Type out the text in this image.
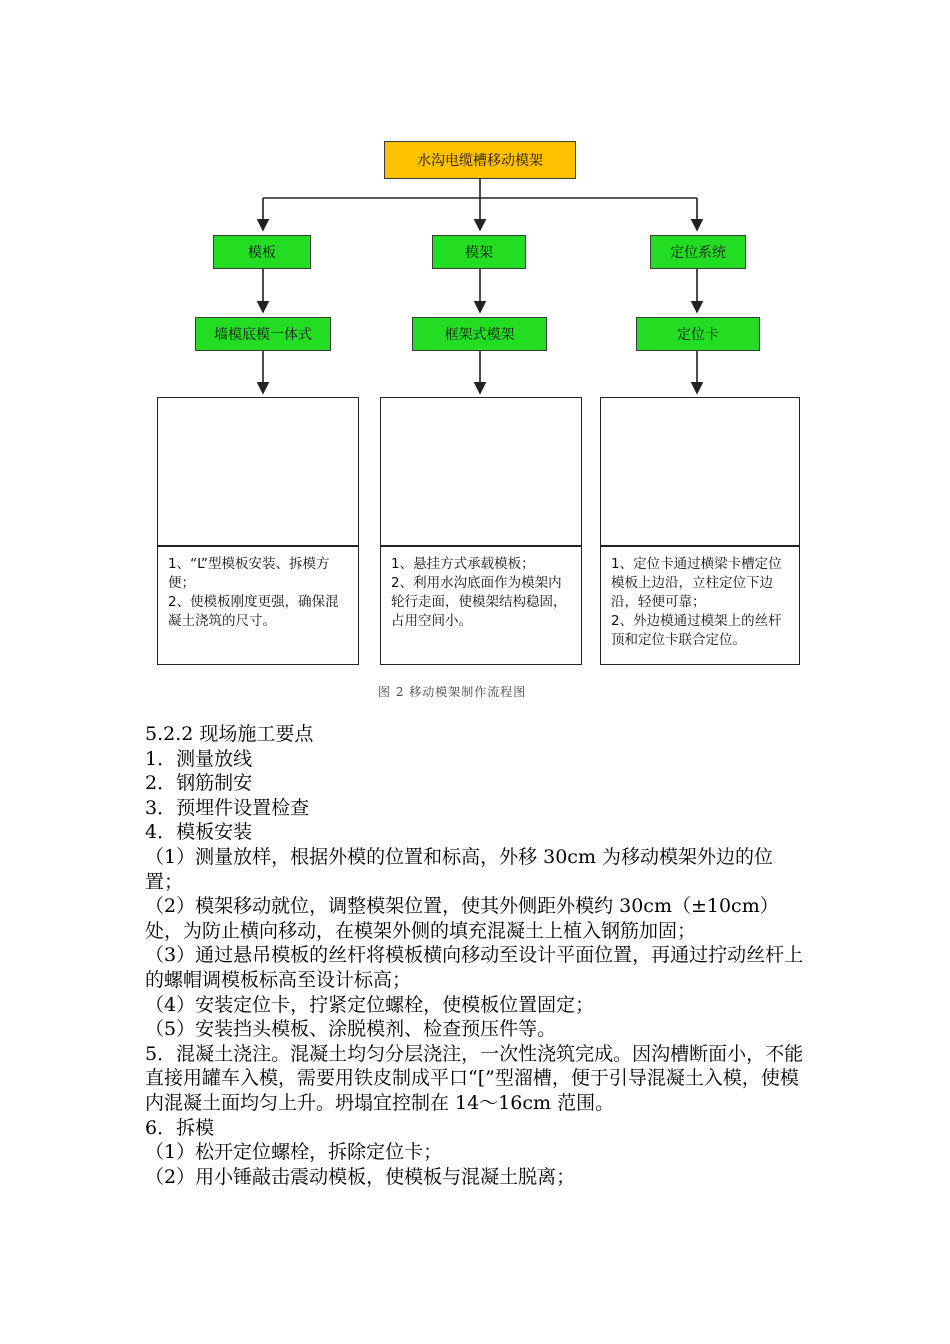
水沟电缆槽移动模架
模板	模架	定位系统
墙模底模一体式	框架式模架	定位卡

1、“L”型模板安装、拆模方便；

2、使模板刚度更强，确保混凝土浇筑的尺寸。

1、悬挂方式承载模板；

2、利用水沟底面作为模架内轮行走面，使模架结构稳固，占用空间小。

1、定位卡通过横梁卡槽定位模板上边沿，立柱定位下边沿，轻便可靠；

2、外边模通过模架上的丝杆顶和定位卡联合定位。

图 2 移动模架制作流程图

5.2.2 现场施工要点

1．测量放线

2．钢筋制安

3．预埋件设置检查

4．模板安装

（1）测量放样，根据外模的位置和标高，外移 30cm 为移动模架外边的位置；

（2）模架移动就位，调整模架位置，使其外侧距外模约 30cm（±10cm）处，为防止横向移动，在模架外侧的填充混凝土上植入钢筋加固；

（3）通过悬吊模板的丝杆将模板横向移动至设计平面位置，再通过拧动丝杆上的螺帽调模板标高至设计标高；

（4）安装定位卡，拧紧定位螺栓，使模板位置固定；

（5）安装挡头模板、涂脱模剂、检查预压件等。

5．混凝土浇注。混凝土均匀分层浇注，一次性浇筑完成。因沟槽断面小，不能直接用罐车入模，需要用铁皮制成平口“[”型溜槽，便于引导混凝土入模，使模内混凝土面均匀上升。坍塌宜控制在 14～16cm 范围。

6．拆模

（1）松开定位螺栓，拆除定位卡；

（2）用小锤敲击震动模板，使模板与混凝土脱离；
